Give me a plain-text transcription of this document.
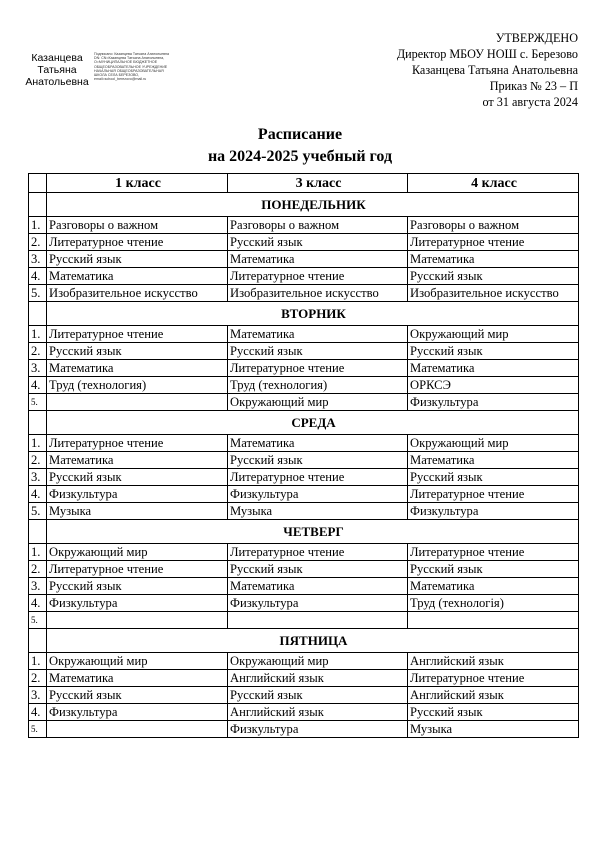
УТВЕРЖДЕНО
Директор МБОУ НОШ с. Березово
Казанцева Татьяна Анатольевна
Приказ № 23 – П
от 31 августа 2024
Казанцева
Татьяна
Анатольевна
Подписано: Казанцева Татьяна Анатольевна DN: CN=Казанцева Татьяна Анатольевна, O=МУНИЦИПАЛЬНОЕ БЮДЖЕТНОЕ ОБЩЕОБРАЗОВАТЕЛЬНОЕ УЧРЕЖДЕНИЕ НАЧАЛЬНАЯ ОБЩЕОБРАЗОВАТЕЛЬНАЯ ШКОЛА СЕЛА БЕРЕЗОВО, email=school_berezovo@mail.ru
Расписание
на 2024-2025 учебный год
	1 класс	3 класс	4 класс
	ПОНЕДЕЛЬНИК		
1.	Разговоры о важном	Разговоры о важном	Разговоры о важном
2.	Литературное чтение	Русский язык	Литературное чтение
3.	Русский язык	Математика	Математика
4.	Математика	Литературное чтение	Русский язык
5.	Изобразительное искусство	Изобразительное искусство	Изобразительное искусство
	ВТОРНИК		
1.	Литературное чтение	Математика	Окружающий мир
2.	Русский язык	Русский язык	Русский язык
3.	Математика	Литературное чтение	Математика
4.	Труд (технология)	Труд (технология)	ОРКСЭ
5.		Окружающий мир	Физкультура
	СРЕДА		
1.	Литературное чтение	Математика	Окружающий мир
2.	Математика	Русский язык	Математика
3.	Русский язык	Литературное чтение	Русский язык
4.	Физкультура	Физкультура	Литературное чтение
5.	Музыка	Музыка	Физкультура
	ЧЕТВЕРГ		
1.	Окружающий мир	Литературное чтение	Литературное чтение
2.	Литературное чтение	Русский язык	Русский язык
3.	Русский язык	Математика	Математика
4.	Физкультура	Физкультура	Труд (технологія)
5.			
	ПЯТНИЦА		
1.	Окружающий мир	Окружающий мир	Английский язык
2.	Математика	Английский язык	Литературное чтение
3.	Русский язык	Русский язык	Английский язык
4.	Физкультура	Английский язык	Русский язык
5.		Физкультура	Музыка
